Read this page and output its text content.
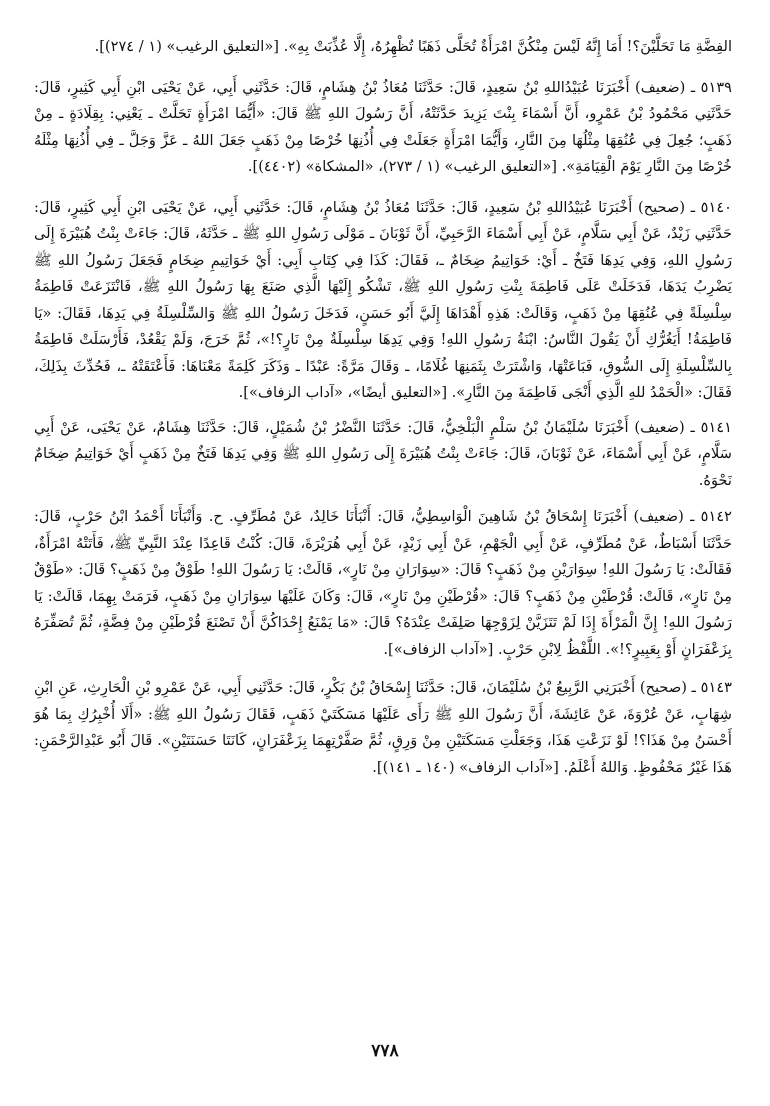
الفِضَّةِ مَا تَحَلَّيْنَ؟! أَمَا إِنَّهُ لَيْسَ مِنْكُنَّ امْرَأَةٌ تُحَلَّى ذَهَبًا تُظْهِرُهُ، إِلَّا عُذِّبَتْ بِهِ». [«التعليق الرغيب» (١ / ٢٧٤)].

٥١٣٩ ـ (ضعيف) أَخْبَرَنَا عُبَيْدُاللهِ بْنُ سَعِيدٍ، قَالَ: حَدَّثَنَا مُعَاذُ بْنُ هِشَامٍ، قَالَ: حَدَّثَنِي أَبِي، عَنْ يَحْيَى ابْنِ أَبِي كَثِيرٍ، قَالَ: حَدَّثَنِي مَحْمُودُ بْنُ عَمْرٍو، أَنَّ أَسْمَاءَ بِنْتَ يَزِيدَ حَدَّثَتْهُ، أَنَّ رَسُولَ اللهِ ﷺ قَالَ: «أَيُّمَا امْرَأَةٍ تَحَلَّتْ ـ يَعْنِي: بِقِلَادَةٍ ـ مِنْ ذَهَبٍ؛ جُعِلَ فِي عُنُقِهَا مِثْلُهَا مِنَ النَّارِ، وَأَيُّمَا امْرَأَةٍ جَعَلَتْ فِي أُذُنِهَا خُرْصًا مِنْ ذَهَبٍ جَعَلَ اللهُ ـ عَزَّ وَجَلَّ ـ فِي أُذُنِهَا مِثْلَهُ خُرْصًا مِنَ النَّارِ يَوْمَ الْقِيَامَةِ». [«التعليق الرغيب» (١ / ٢٧٣)، «المشكاة» (٤٤٠٢)].

٥١٤٠ ـ (صحيح) أَخْبَرَنَا عُبَيْدُاللهِ بْنُ سَعِيدٍ، قَالَ: حَدَّثَنَا مُعَاذُ بْنُ هِشَامٍ، قَالَ: حَدَّثَنِي أَبِي، عَنْ يَحْيَى ابْنِ أَبِي كَثِيرٍ، قَالَ: حَدَّثَنِي زَيْدٌ، عَنْ أَبِي سَلَّامٍ، عَنْ أَبِي أَسْمَاءَ الرَّحَبِيِّ، أَنَّ ثَوْبَانَ ـ مَوْلَى رَسُولِ اللهِ ﷺ ـ حَدَّثَهُ، قَالَ: جَاءَتْ بِنْتُ هُبَيْرَةَ إِلَى رَسُولِ اللهِ، وَفِي يَدِهَا فَتَخٌ ـ أَيْ: خَوَاتِيمُ ضِخَامٌ ـ، فَقَالَ: كَذَا فِي كِتَابِ أَبِي: أَيْ خَوَاتِيمِ ضِخَامٍ فَجَعَلَ رَسُولُ اللهِ ﷺ يَضْرِبُ يَدَهَا، فَدَخَلَتْ عَلَى فَاطِمَةَ بِنْتِ رَسُولِ اللهِ ﷺ، تَشْكُو إِلَيْهَا الَّذِي صَنَعَ بِهَا رَسُولُ اللهِ ﷺ، فَانْتَزَعَتْ فَاطِمَةُ سِلْسِلَةً فِي عُنُقِهَا مِنْ ذَهَبٍ، وَقَالَتْ: هَذِهِ أَهْدَاهَا إِلَيَّ أَبُو حَسَنٍ، فَدَخَلَ رَسُولُ اللهِ ﷺ وَالسِّلْسِلَةُ فِي يَدِهَا، فَقَالَ: «يَا فَاطِمَةُ! أَيَغُرُّكِ أَنْ يَقُولَ النَّاسُ: ابْنَةُ رَسُولِ اللهِ! وَفِي يَدِهَا سِلْسِلَةٌ مِنْ نَارٍ؟!»، ثُمَّ خَرَجَ، وَلَمْ يَقْعُدْ، فَأَرْسَلَتْ فَاطِمَةُ بِالسِّلْسِلَةِ إِلَى السُّوقِ، فَبَاعَتْهَا، وَاشْتَرَتْ بِثَمَنِهَا غُلَامًا، ـ وَقَالَ مَرَّةً: عَبْدًا ـ وَذَكَرَ كَلِمَةً مَعْنَاهَا: فَأَعْتَقَتْهُ ـ، فَحُدِّثَ بِذَلِكَ، فَقَالَ: «الْحَمْدُ للهِ الَّذِي أَنْجَى فَاطِمَةَ مِنَ النَّارِ». [«التعليق أيضًا»، «آداب الزفاف»].

٥١٤١ ـ (ضعيف) أَخْبَرَنَا سُلَيْمَانُ بْنُ سَلْمٍ الْبَلْخِيُّ، قَالَ: حَدَّثَنَا النَّضْرُ بْنُ شُمَيْلٍ، قَالَ: حَدَّثَنَا هِشَامٌ، عَنْ يَحْيَى، عَنْ أَبِي سَلَّامٍ، عَنْ أَبِي أَسْمَاءَ، عَنْ ثَوْبَانَ، قَالَ: جَاءَتْ بِنْتُ هُبَيْرَةَ إِلَى رَسُولِ اللهِ ﷺ وَفِي يَدِهَا فَتَخٌ مِنْ ذَهَبٍ أَيْ خَوَاتِيمُ ضِخَامٌ نَحْوَهُ.

٥١٤٢ ـ (ضعيف) أَخْبَرَنَا إِسْحَاقُ بْنُ شَاهِينَ الْوَاسِطِيُّ، قَالَ: أَنْبَأَنَا خَالِدٌ، عَنْ مُطَرِّفٍ. ح. وَأَنْبَأَنَا أَحْمَدُ ابْنُ حَرْبٍ، قَالَ: حَدَّثَنَا أَسْبَاطٌ، عَنْ مُطَرِّفٍ، عَنْ أَبِي الْجَهْمِ، عَنْ أَبِي زَيْدٍ، عَنْ أَبِي هُرَيْرَةَ، قَالَ: كُنْتُ قَاعِدًا عِنْدَ النَّبِيِّ ﷺ، فَأَتَتْهُ امْرَأَةٌ، فَقَالَتْ: يَا رَسُولَ اللهِ! سِوَارَيْنِ مِنْ ذَهَبٍ؟ قَالَ: «سِوَارَانِ مِنْ نَارٍ»، قَالَتْ: يَا رَسُولَ اللهِ! طَوْقٌ مِنْ ذَهَبٍ؟ قَالَ: «طَوْقٌ مِنْ نَارٍ»، قَالَتْ: قُرْطَيْنِ مِنْ ذَهَبٍ؟ قَالَ: «قُرْطَيْنِ مِنْ نَارٍ»، قَالَ: وَكَانَ عَلَيْهَا سِوَارَانِ مِنْ ذَهَبٍ، فَرَمَتْ بِهِمَا، قَالَتْ: يَا رَسُولَ اللهِ! إِنَّ الْمَرْأَةَ إِذَا لَمْ تَتَزَيَّنْ لِزَوْجِهَا صَلِفَتْ عِنْدَهُ؟ قَالَ: «مَا يَمْنَعُ إِحْدَاكُنَّ أَنْ تَصْنَعَ قُرْطَيْنِ مِنْ فِضَّةٍ، ثُمَّ تُصَفِّرَهُ بِزَعْفَرَانٍ أَوْ بِعَبِيرٍ؟!». اللَّفْظُ لِابْنِ حَرْبٍ. [«آداب الزفاف»].

٥١٤٣ ـ (صحيح) أَخْبَرَنِي الرَّبِيعُ بْنُ سُلَيْمَانَ، قَالَ: حَدَّثَنَا إِسْحَاقُ بْنُ بَكْرٍ، قَالَ: حَدَّثَنِي أَبِي، عَنْ عَمْرِو بْنِ الْحَارِثِ، عَنِ ابْنِ شِهَابٍ، عَنْ عُرْوَةَ، عَنْ عَائِشَةَ، أَنَّ رَسُولَ اللهِ ﷺ رَأَى عَلَيْهَا مَسَكَتَيْ ذَهَبٍ، فَقَالَ رَسُولُ اللهِ ﷺ: «أَلَا أُخْبِرُكِ بِمَا هُوَ أَحْسَنُ مِنْ هَذَا؟! لَوْ نَزَعْتِ هَذَا، وَجَعَلْتِ مَسَكَتَيْنِ مِنْ وَرِقٍ، ثُمَّ صَفَّرْتِهِمَا بِزَعْفَرَانٍ، كَانَتَا حَسَنَتَيْنِ». قَالَ أَبُو عَبْدِالرَّحْمَنِ: هَذَا غَيْرُ مَحْفُوظٍ. وَاللهُ أَعْلَمُ. [«آداب الزفاف» (١٤٠ ـ ١٤١)].

٧٧٨
